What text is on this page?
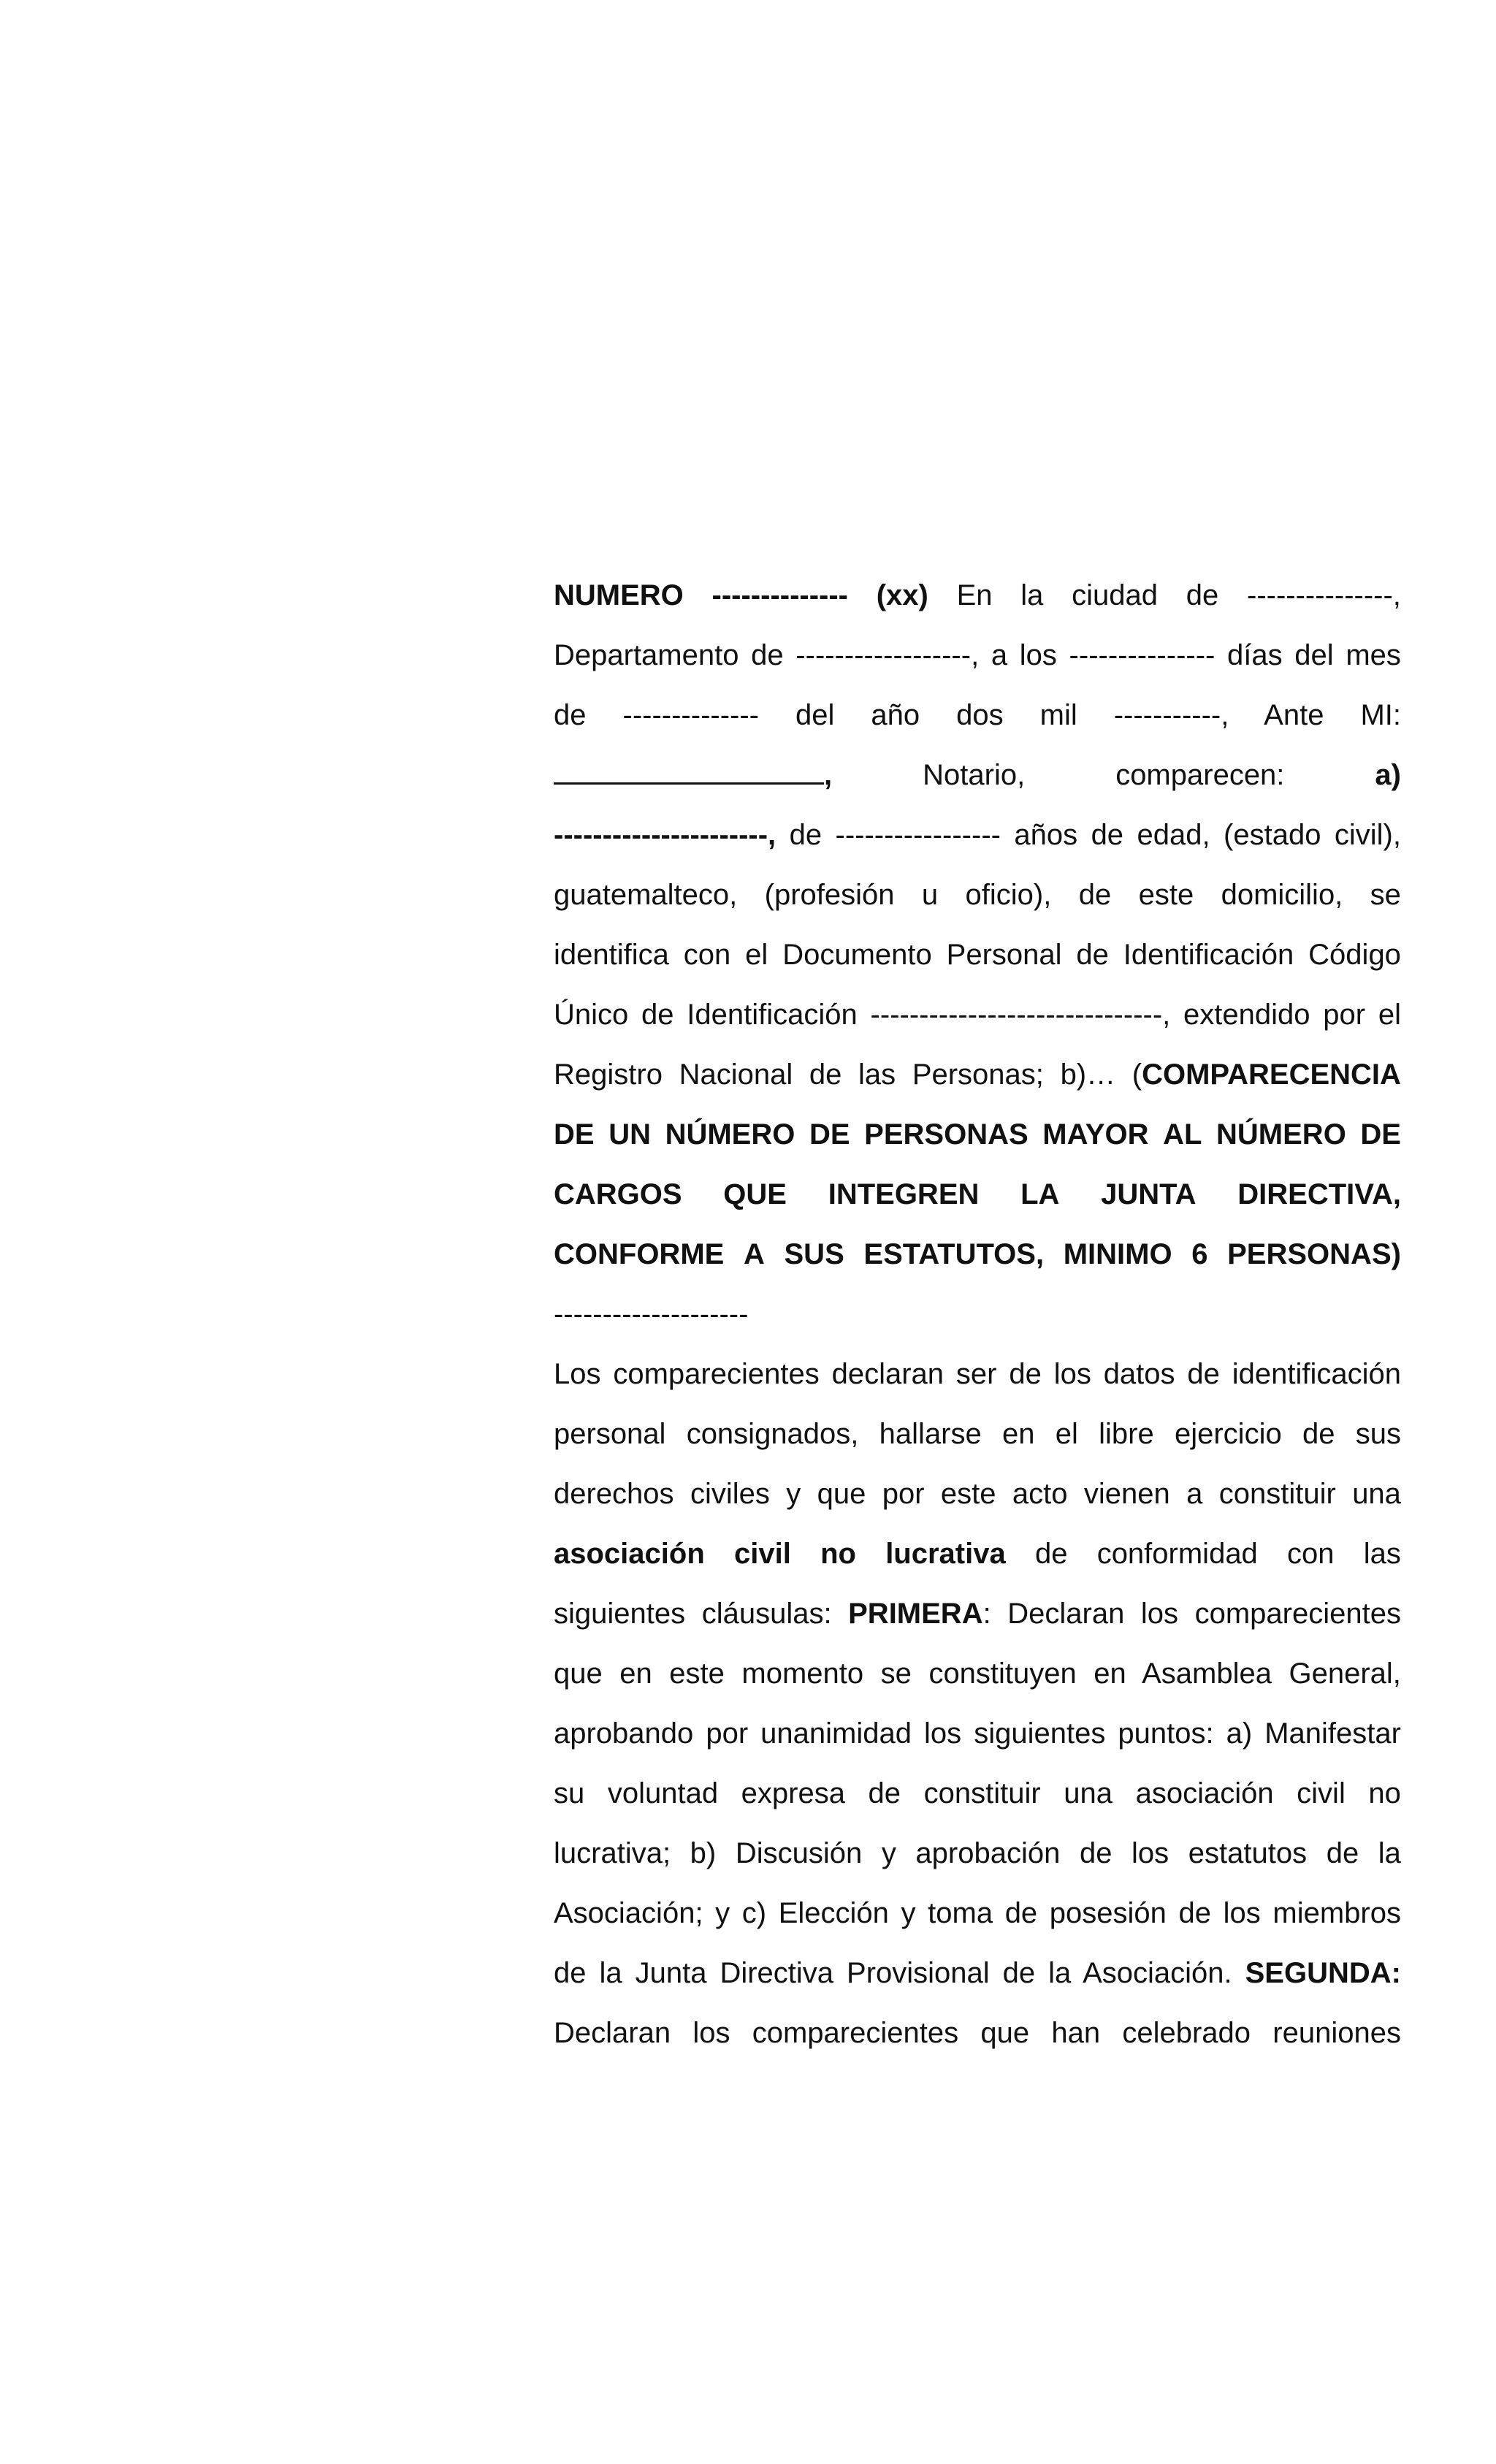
NUMERO -------------- (xx) En la ciudad de ---------------,
Departamento de ------------------, a los --------------- días del mes
de -------------- del año dos mil -----------, Ante MI:
,	Notario,	comparecen:	a)
----------------------, de ----------------- años de edad, (estado civil),
guatemalteco, (profesión u oficio), de este domicilio, se
identifica con el Documento Personal de Identificación Código
Único de Identificación ------------------------------, extendido por el
Registro Nacional de las Personas; b)… (COMPARECENCIA
DE UN NÚMERO DE PERSONAS MAYOR AL NÚMERO DE
CARGOS QUE INTEGREN LA JUNTA DIRECTIVA,
CONFORME A SUS ESTATUTOS, MINIMO 6 PERSONAS)
--------------------
Los comparecientes declaran ser de los datos de identificación
personal consignados, hallarse en el libre ejercicio de sus
derechos civiles y que por este acto vienen a constituir una
asociación civil no lucrativa de conformidad con las
siguientes cláusulas: PRIMERA: Declaran los comparecientes
que en este momento se constituyen en Asamblea General,
aprobando por unanimidad los siguientes puntos: a) Manifestar
su voluntad expresa de constituir una asociación civil no
lucrativa; b) Discusión y aprobación de los estatutos de la
Asociación; y c) Elección y toma de posesión de los miembros
de la Junta Directiva Provisional de la Asociación. SEGUNDA:
Declaran los comparecientes que han celebrado reuniones
